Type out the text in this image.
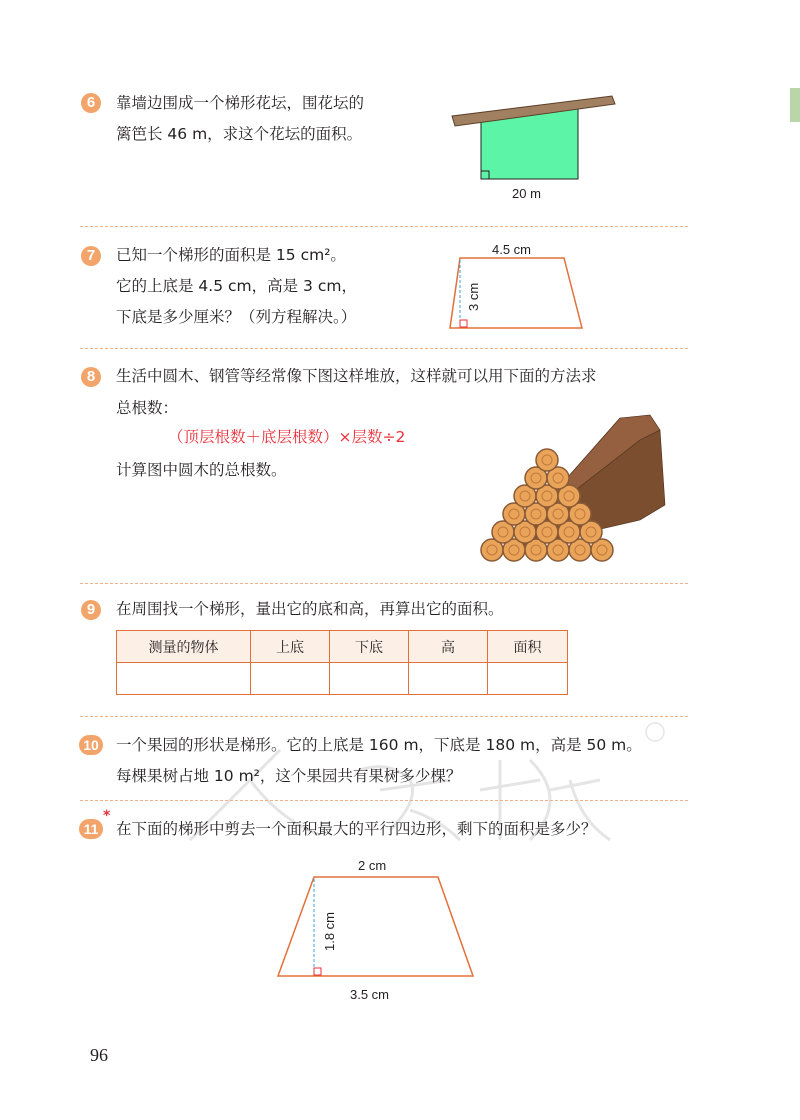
6	靠墙边围成一个梯形花坛，围花坛的
篱笆长 46 m，求这个花坛的面积。
20 m
7	已知一个梯形的面积是 15 cm²。
它的上底是 4.5 cm，高是 3 cm，
下底是多少厘米？（列方程解决。）
4.5 cm
3 cm
8	生活中圆木、钢管等经常像下图这样堆放，这样就可以用下面的方法求
总根数：
（顶层根数＋底层根数）×层数÷2
计算图中圆木的总根数。
9	在周围找一个梯形，量出它的底和高，再算出它的面积。
测量的物体	上底	下底	高	面积

10 一个果园的形状是梯形。它的上底是 160 m，下底是 180 m，高是 50 m。
每棵果树占地 10 m²，这个果园共有果树多少棵？
11
*
在下面的梯形中剪去一个面积最大的平行四边形，剩下的面积是多少？
2 cm
1.8 cm
3.5 cm
96
